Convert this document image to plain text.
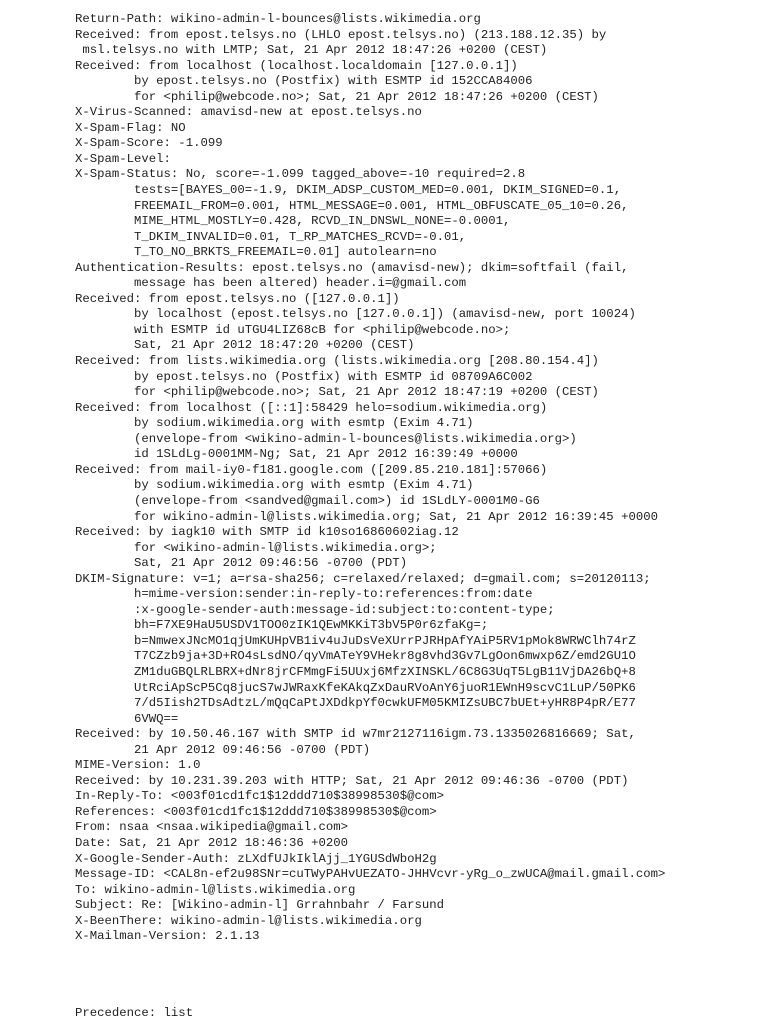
Return-Path: wikino-admin-l-bounces@lists.wikimedia.org
Received: from epost.telsys.no (LHLO epost.telsys.no) (213.188.12.35) by
msl.telsys.no with LMTP; Sat, 21 Apr 2012 18:47:26 +0200 (CEST)
Received: from localhost (localhost.localdomain [127.0.0.1])
by epost.telsys.no (Postfix) with ESMTP id 152CCA84006
for <philip@webcode.no>; Sat, 21 Apr 2012 18:47:26 +0200 (CEST)
X-Virus-Scanned: amavisd-new at epost.telsys.no
X-Spam-Flag: NO
X-Spam-Score: -1.099
X-Spam-Level:
X-Spam-Status: No, score=-1.099 tagged_above=-10 required=2.8
tests=[BAYES_00=-1.9, DKIM_ADSP_CUSTOM_MED=0.001, DKIM_SIGNED=0.1,
FREEMAIL_FROM=0.001, HTML_MESSAGE=0.001, HTML_OBFUSCATE_05_10=0.26,
MIME_HTML_MOSTLY=0.428, RCVD_IN_DNSWL_NONE=-0.0001,
T_DKIM_INVALID=0.01, T_RP_MATCHES_RCVD=-0.01,
T_TO_NO_BRKTS_FREEMAIL=0.01] autolearn=no
Authentication-Results: epost.telsys.no (amavisd-new); dkim=softfail (fail,
message has been altered) header.i=@gmail.com
Received: from epost.telsys.no ([127.0.0.1])
by localhost (epost.telsys.no [127.0.0.1]) (amavisd-new, port 10024)
with ESMTP id uTGU4LIZ68cB for <philip@webcode.no>;
Sat, 21 Apr 2012 18:47:20 +0200 (CEST)
Received: from lists.wikimedia.org (lists.wikimedia.org [208.80.154.4])
by epost.telsys.no (Postfix) with ESMTP id 08709A6C002
for <philip@webcode.no>; Sat, 21 Apr 2012 18:47:19 +0200 (CEST)
Received: from localhost ([::1]:58429 helo=sodium.wikimedia.org)
by sodium.wikimedia.org with esmtp (Exim 4.71)
(envelope-from <wikino-admin-l-bounces@lists.wikimedia.org>)
id 1SLdLg-0001MM-Ng; Sat, 21 Apr 2012 16:39:49 +0000
Received: from mail-iy0-f181.google.com ([209.85.210.181]:57066)
by sodium.wikimedia.org with esmtp (Exim 4.71)
(envelope-from <sandved@gmail.com>) id 1SLdLY-0001M0-G6
for wikino-admin-l@lists.wikimedia.org; Sat, 21 Apr 2012 16:39:45 +0000
Received: by iagk10 with SMTP id k10so16860602iag.12
for <wikino-admin-l@lists.wikimedia.org>;
Sat, 21 Apr 2012 09:46:56 -0700 (PDT)
DKIM-Signature: v=1; a=rsa-sha256; c=relaxed/relaxed; d=gmail.com; s=20120113;
h=mime-version:sender:in-reply-to:references:from:date
:x-google-sender-auth:message-id:subject:to:content-type;
bh=F7XE9HaU5USDV1TOO0zIK1QEwMKKiT3bV5P0r6zfaKg=;
b=NmwexJNcMO1qjUmKUHpVB1iv4uJuDsVeXUrrPJRHpAfYAiP5RV1pMok8WRWClh74rZ
T7CZzb9ja+3D+RO4sLsdNO/qyVmATeY9VHekr8g8vhd3Gv7LgOon6mwxp6Z/emd2GU1O
ZM1duGBQLRLBRX+dNr8jrCFMmgFi5UUxj6MfzXINSKL/6C8G3UqT5LgB11VjDA26bQ+8
UtRciApScP5Cq8jucS7wJWRaxKfeKAkqZxDauRVoAnY6juoR1EWnH9scvC1LuP/50PK6
7/d5Iish2TDsAdtzL/mQqCaPtJXDdkpYf0cwkUFM05KMIZsUBC7bUEt+yHR8P4pR/E77
6VWQ==
Received: by 10.50.46.167 with SMTP id w7mr2127116igm.73.1335026816669; Sat,
21 Apr 2012 09:46:56 -0700 (PDT)
MIME-Version: 1.0
Received: by 10.231.39.203 with HTTP; Sat, 21 Apr 2012 09:46:36 -0700 (PDT)
In-Reply-To: <003f01cd1fc1$12ddd710$38998530$@com>
References: <003f01cd1fc1$12ddd710$38998530$@com>
From: nsaa <nsaa.wikipedia@gmail.com>
Date: Sat, 21 Apr 2012 18:46:36 +0200
X-Google-Sender-Auth: zLXdfUJkIklAjj_1YGUSdWboH2g
Message-ID: <CAL8n-ef2u98SNr=cuTWyPAHvUEZATO-JHHVcvr-yRg_o_zwUCA@mail.gmail.com>
To: wikino-admin-l@lists.wikimedia.org
Subject: Re: [Wikino-admin-l] Grrahnbahr / Farsund
X-BeenThere: wikino-admin-l@lists.wikimedia.org
X-Mailman-Version: 2.1.13
Precedence: list
